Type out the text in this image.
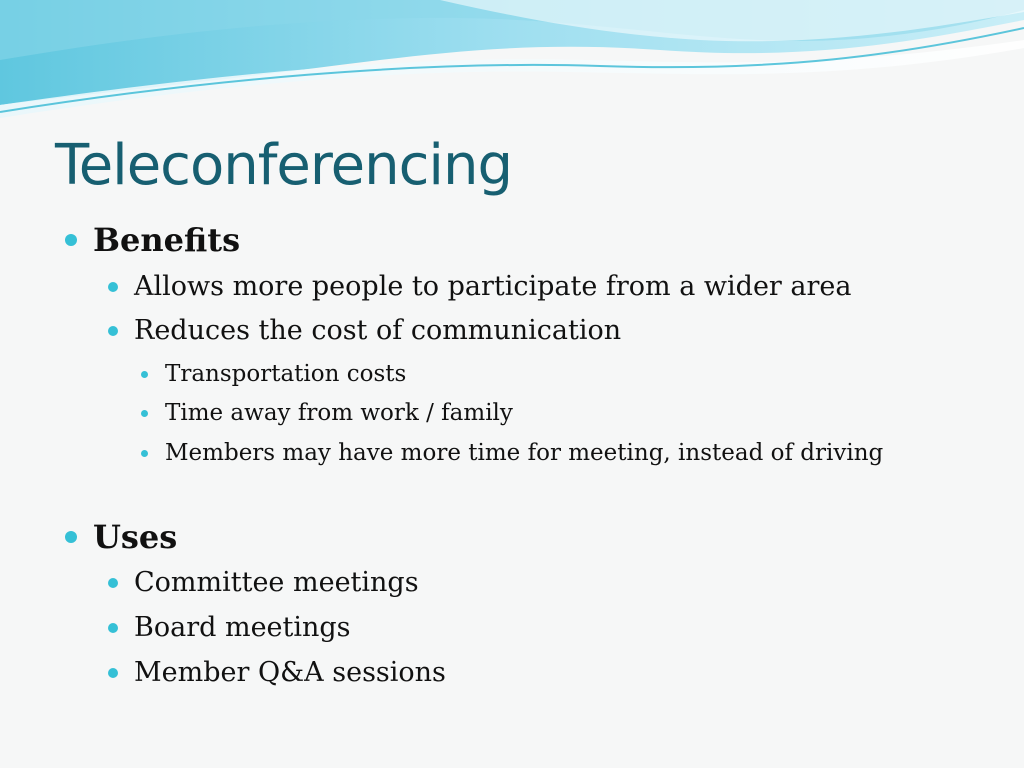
Teleconferencing
Benefits
Allows more people to participate from a wider area
Reduces the cost of communication
Transportation costs
Time away from work / family
Members may have more time for meeting, instead of driving
Uses
Committee meetings
Board meetings
Member Q&A sessions
